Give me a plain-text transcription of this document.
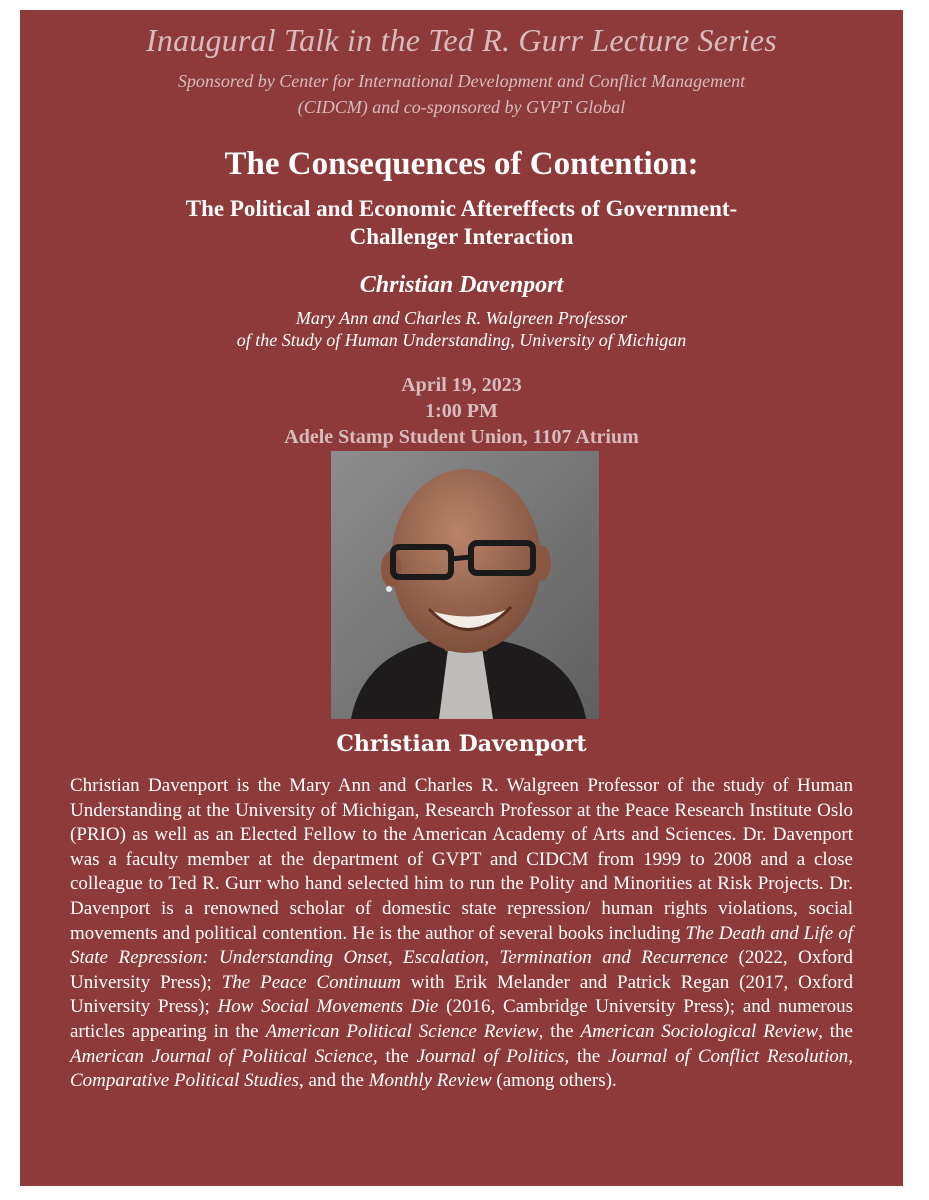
Inaugural Talk in the Ted R. Gurr Lecture Series
Sponsored by Center for International Development and Conflict Management
(CIDCM) and co-sponsored by GVPT Global
The Consequences of Contention:
The Political and Economic Aftereffects of Government-
Challenger Interaction
Christian Davenport
Mary Ann and Charles R. Walgreen Professor
of the Study of Human Understanding, University of Michigan
April 19, 2023
1:00 PM
Adele Stamp Student Union, 1107 Atrium
Christian Davenport
Christian Davenport is the Mary Ann and Charles R. Walgreen Professor of the study of Human Understanding at the University of Michigan, Research Professor at the Peace Research Institute Oslo (PRIO) as well as an Elected Fellow to the American Academy of Arts and Sciences. Dr. Davenport was a faculty member at the department of GVPT and CIDCM from 1999 to 2008 and a close colleague to Ted R. Gurr who hand selected him to run the Polity and Minorities at Risk Projects. Dr. Davenport is a renowned scholar of domestic state repression/ human rights violations, social movements and political contention. He is the author of several books including The Death and Life of State Repression: Understanding Onset, Escalation, Termination and Recurrence (2022, Oxford University Press); The Peace Continuum with Erik Melander and Patrick Regan (2017, Oxford University Press); How Social Movements Die (2016, Cambridge University Press); and numerous articles appearing in the American Political Science Review, the American Sociological Review, the American Journal of Political Science, the Journal of Politics, the Journal of Conflict Resolution, Comparative Political Studies, and the Monthly Review (among others).
